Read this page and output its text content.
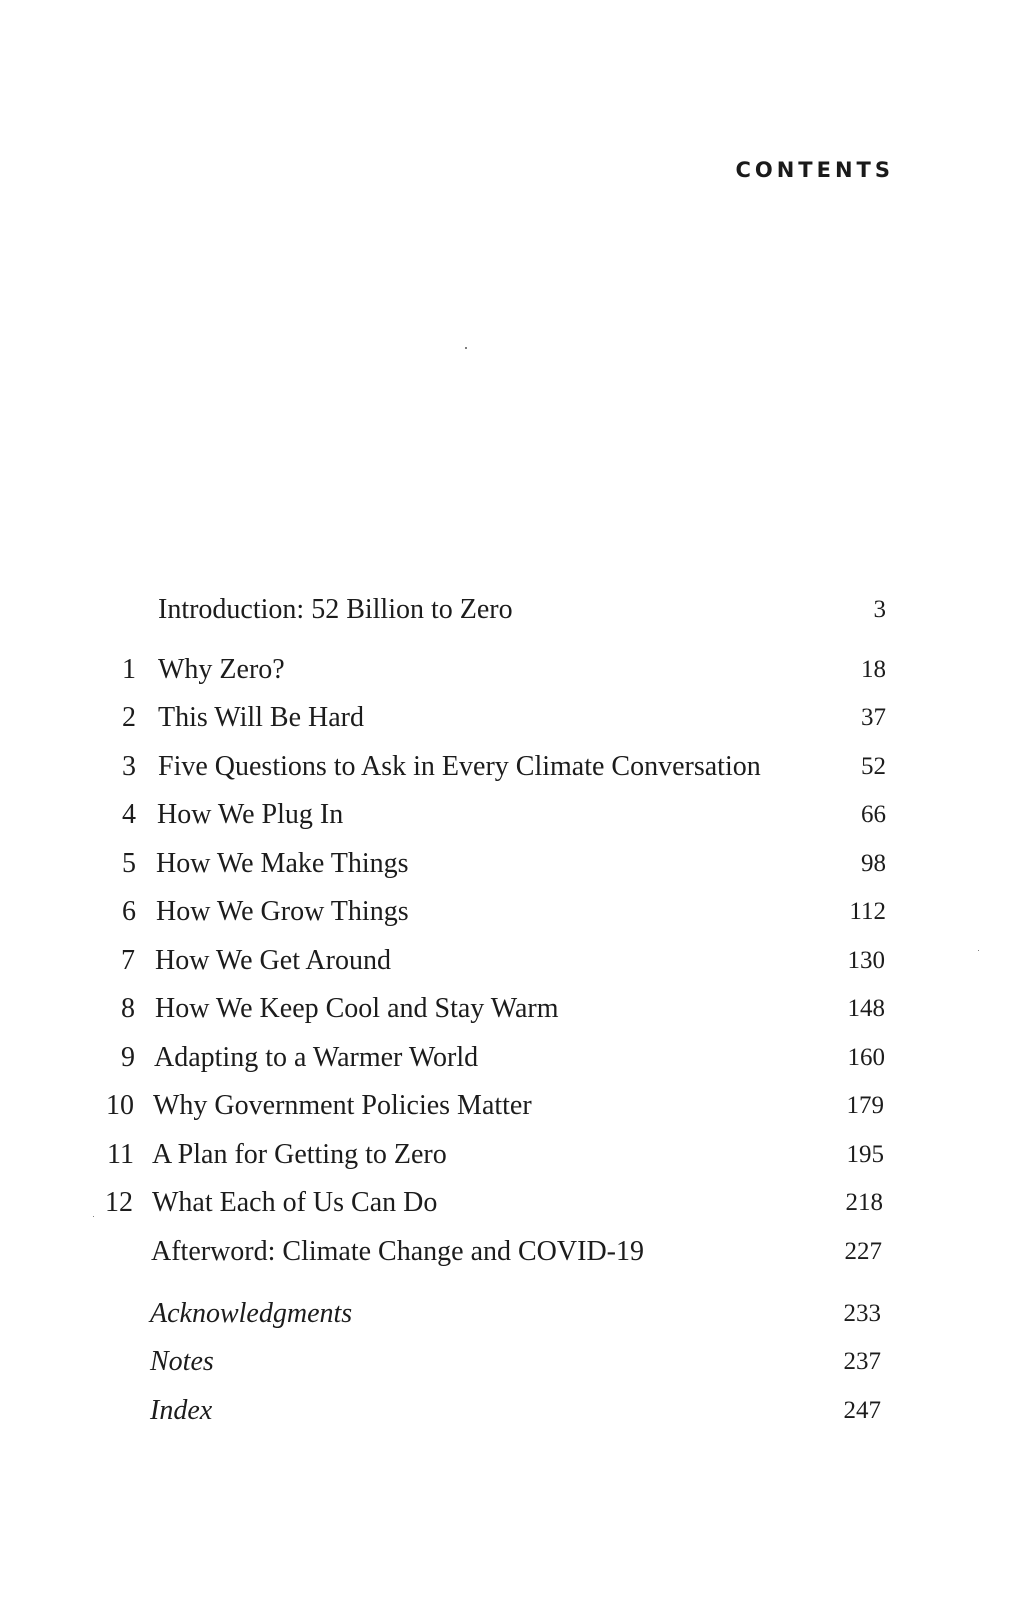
CONTENTS
Introduction: 52 Billion to Zero	3
1 Why Zero?	18
2 This Will Be Hard	37
3 Five Questions to Ask in Every Climate Conversation	52
4 How We Plug In	66
5 How We Make Things	98
6 How We Grow Things	112
7 How We Get Around	130
8 How We Keep Cool and Stay Warm	148
9 Adapting to a Warmer World	160
10 Why Government Policies Matter	179
11 A Plan for Getting to Zero	195
12 What Each of Us Can Do	218
Afterword: Climate Change and COVID-19	227
Acknowledgments	233
Notes	237
Index	247
